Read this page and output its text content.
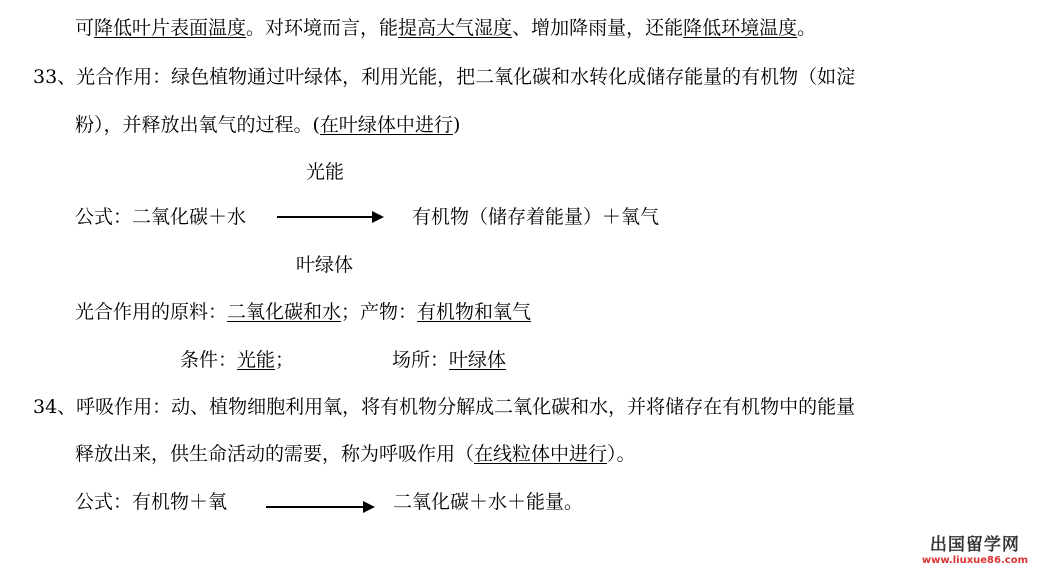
可降低叶片表面温度。对环境而言，能提高大气湿度、增加降雨量，还能降低环境温度。
33、光合作用：绿色植物通过叶绿体，利用光能，把二氧化碳和水转化成储存能量的有机物（如淀
粉），并释放出氧气的过程。(在叶绿体中进行)
光能
公式：二氧化碳＋水	有机物（储存着能量）＋氧气
叶绿体
光合作用的原料：二氧化碳和水；产物：有机物和氧气
条件：光能；	场所：叶绿体
34、呼吸作用：动、植物细胞利用氧，将有机物分解成二氧化碳和水，并将储存在有机物中的能量
释放出来，供生命活动的需要，称为呼吸作用（在线粒体中进行）。
公式：有机物＋氧	二氧化碳＋水＋能量。
出国留学网
www.liuxue86.com
